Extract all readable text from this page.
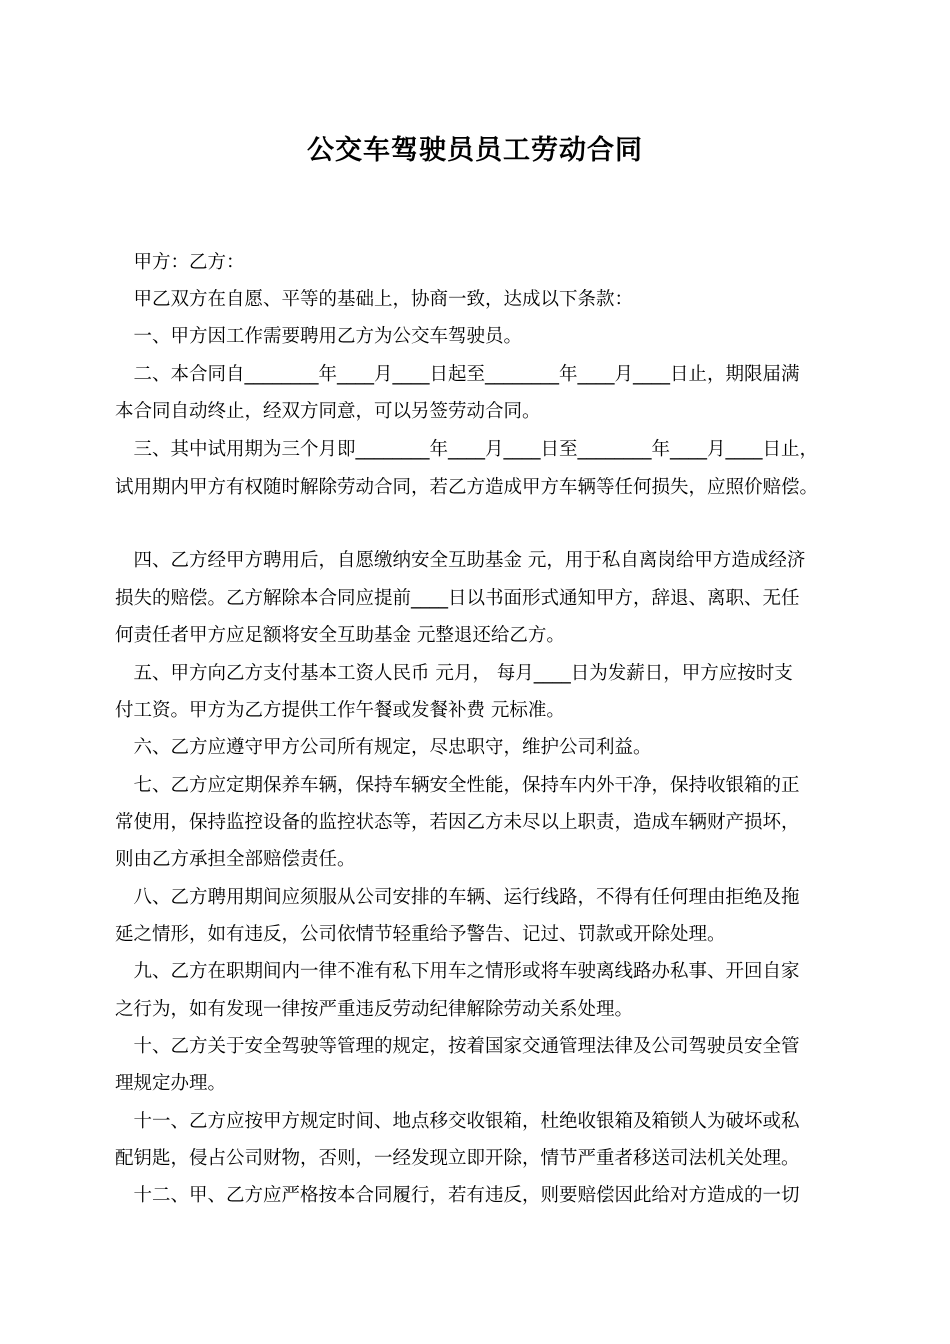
公交车驾驶员员工劳动合同
　甲方：乙方：
　甲乙双方在自愿、平等的基础上，协商一致，达成以下条款：
　一、甲方因工作需要聘用乙方为公交车驾驶员。
　二、本合同自________年____月____日起至________年____月____日止，期限届满
本合同自动终止，经双方同意，可以另签劳动合同。
　三、其中试用期为三个月即________年____月____日至________年____月____日止，
试用期内甲方有权随时解除劳动合同，若乙方造成甲方车辆等任何损失，应照价赔偿。
　四、乙方经甲方聘用后，自愿缴纳安全互助基金 元，用于私自离岗给甲方造成经济
损失的赔偿。乙方解除本合同应提前____日以书面形式通知甲方，辞退、离职、无任
何责任者甲方应足额将安全互助基金 元整退还给乙方。
　五、甲方向乙方支付基本工资人民币 元月， 每月____日为发薪日，甲方应按时支
付工资。甲方为乙方提供工作午餐或发餐补费 元标准。
　六、乙方应遵守甲方公司所有规定，尽忠职守，维护公司利益。
　七、乙方应定期保养车辆，保持车辆安全性能，保持车内外干净，保持收银箱的正
常使用，保持监控设备的监控状态等，若因乙方未尽以上职责，造成车辆财产损坏，
则由乙方承担全部赔偿责任。
　八、乙方聘用期间应须服从公司安排的车辆、运行线路，不得有任何理由拒绝及拖
延之情形，如有违反，公司依情节轻重给予警告、记过、罚款或开除处理。
　九、乙方在职期间内一律不准有私下用车之情形或将车驶离线路办私事、开回自家
之行为，如有发现一律按严重违反劳动纪律解除劳动关系处理。
　十、乙方关于安全驾驶等管理的规定，按着国家交通管理法律及公司驾驶员安全管
理规定办理。
　十一、乙方应按甲方规定时间、地点移交收银箱，杜绝收银箱及箱锁人为破坏或私
配钥匙，侵占公司财物，否则，一经发现立即开除，情节严重者移送司法机关处理。
　十二、甲、乙方应严格按本合同履行，若有违反，则要赔偿因此给对方造成的一切
